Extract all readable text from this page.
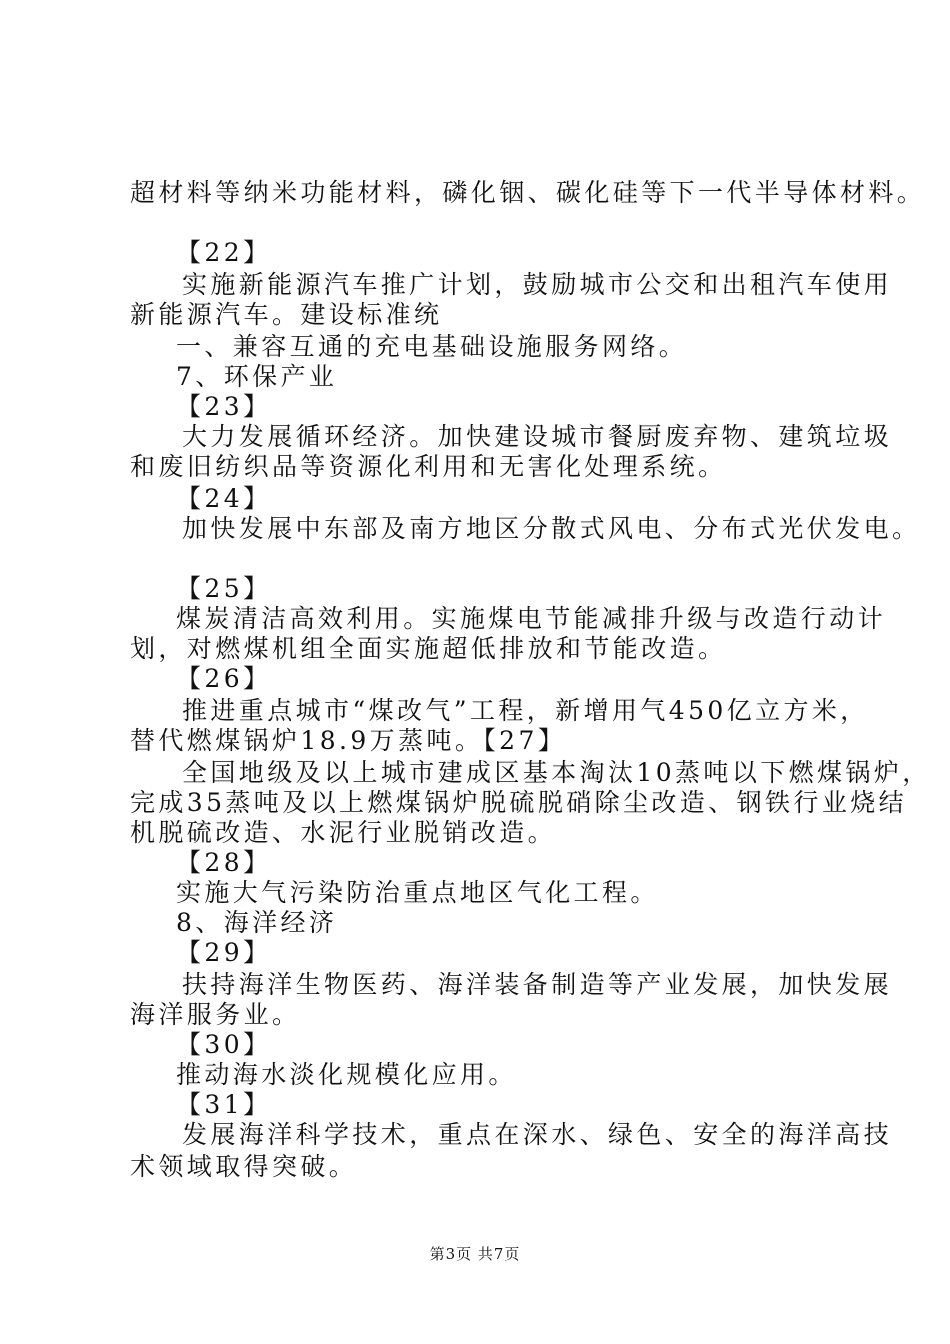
超材料等纳米功能材料，磷化铟、碳化硅等下一代半导体材料。
【22】
实施新能源汽车推广计划，鼓励城市公交和出租汽车使用
新能源汽车。建设标准统
一、兼容互通的充电基础设施服务网络。
7、环保产业
【23】
大力发展循环经济。加快建设城市餐厨废弃物、建筑垃圾
和废旧纺织品等资源化利用和无害化处理系统。
【24】
加快发展中东部及南方地区分散式风电、分布式光伏发电。
【25】
煤炭清洁高效利用。实施煤电节能减排升级与改造行动计
划，对燃煤机组全面实施超低排放和节能改造。
【26】
推进重点城市“煤改气”工程，新增用气450亿立方米，
替代燃煤锅炉18.9万蒸吨。【27】
全国地级及以上城市建成区基本淘汰10蒸吨以下燃煤锅炉，
完成35蒸吨及以上燃煤锅炉脱硫脱硝除尘改造、钢铁行业烧结
机脱硫改造、水泥行业脱销改造。
【28】
实施大气污染防治重点地区气化工程。
8、海洋经济
【29】
扶持海洋生物医药、海洋装备制造等产业发展，加快发展
海洋服务业。
【30】
推动海水淡化规模化应用。
【31】
发展海洋科学技术，重点在深水、绿色、安全的海洋高技
术领域取得突破。
第3页 共7页
